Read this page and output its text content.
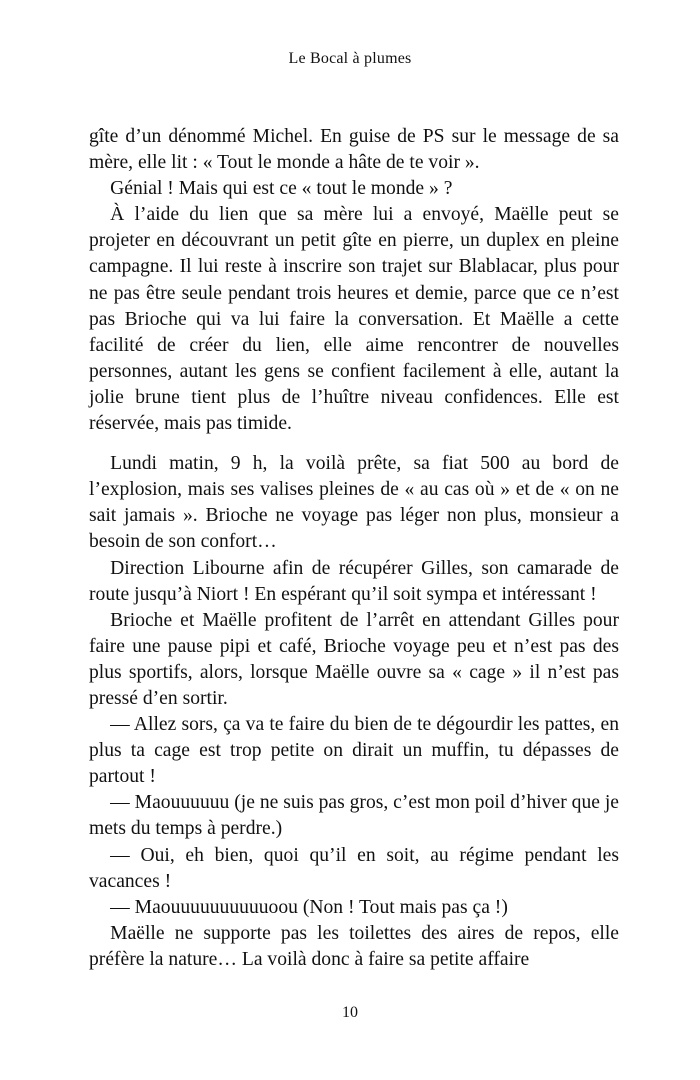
Le Bocal à plumes

gîte d’un dénommé Michel. En guise de PS sur le message de sa mère, elle lit : « Tout le monde a hâte de te voir ».

Génial ! Mais qui est ce « tout le monde » ?

À l’aide du lien que sa mère lui a envoyé, Maëlle peut se projeter en découvrant un petit gîte en pierre, un duplex en pleine campagne. Il lui reste à inscrire son trajet sur Blablacar, plus pour ne pas être seule pendant trois heures et demie, parce que ce n’est pas Brioche qui va lui faire la conversation. Et Maëlle a cette facilité de créer du lien, elle aime rencontrer de nouvelles personnes, autant les gens se confient facilement à elle, autant la jolie brune tient plus de l’huître niveau confidences. Elle est réservée, mais pas timide.

Lundi matin, 9 h, la voilà prête, sa fiat 500 au bord de l’explosion, mais ses valises pleines de « au cas où » et de « on ne sait jamais ». Brioche ne voyage pas léger non plus, monsieur a besoin de son confort…

Direction Libourne afin de récupérer Gilles, son camarade de route jusqu’à Niort ! En espérant qu’il soit sympa et intéressant !

Brioche et Maëlle profitent de l’arrêt en attendant Gilles pour faire une pause pipi et café, Brioche voyage peu et n’est pas des plus sportifs, alors, lorsque Maëlle ouvre sa « cage » il n’est pas pressé d’en sortir.

— Allez sors, ça va te faire du bien de te dégourdir les pattes, en plus ta cage est trop petite on dirait un muffin, tu dépasses de partout !

— Maouuuuuu (je ne suis pas gros, c’est mon poil d’hiver que je mets du temps à perdre.)

— Oui, eh bien, quoi qu’il en soit, au régime pendant les vacances !

— Maouuuuuuuuuuoou (Non ! Tout mais pas ça !)

Maëlle ne supporte pas les toilettes des aires de repos, elle préfère la nature… La voilà donc à faire sa petite affaire

10
